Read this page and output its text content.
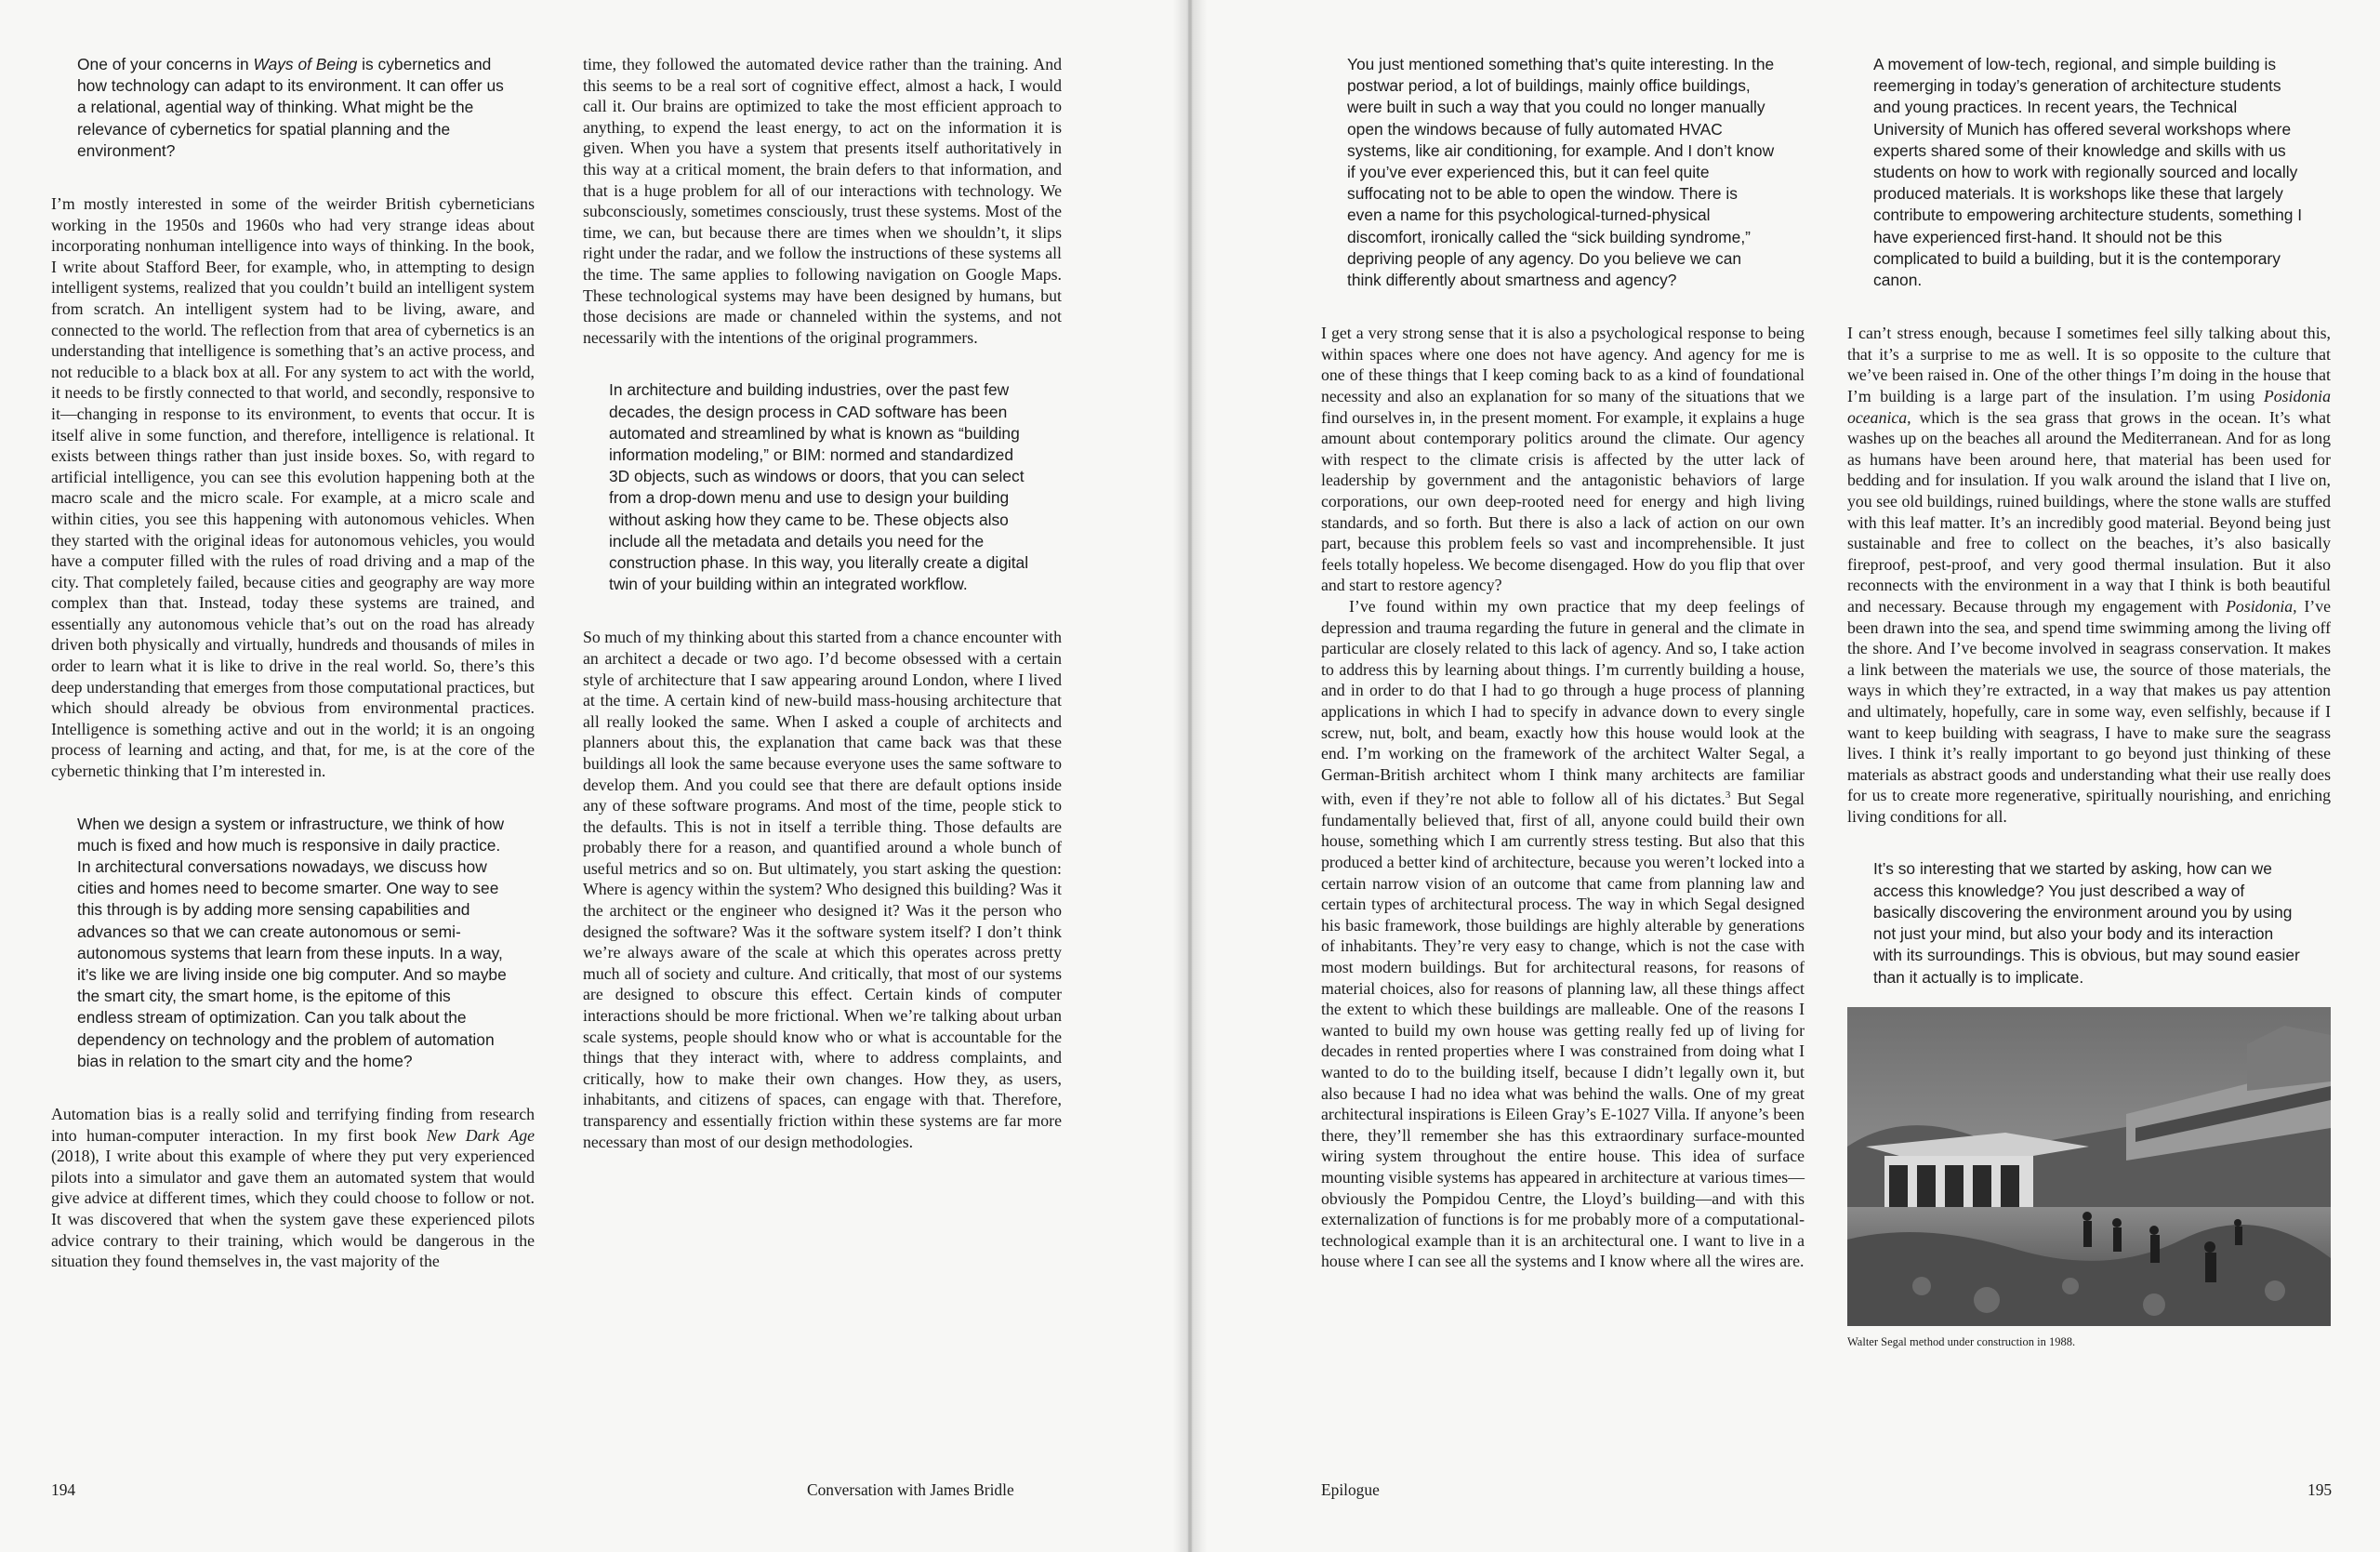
One of your concerns in Ways of Being is cybernetics and how technology can adapt to its environment. It can offer us a relational, agential way of thinking. What might be the relevance of cybernetics for spatial planning and the environment?

I’m mostly interested in some of the weirder British cyberneticians working in the 1950s and 1960s who had very strange ideas about incorporating nonhuman intelligence into ways of thinking. In the book, I write about Stafford Beer, for example, who, in attempting to design intelligent systems, realized that you couldn’t build an intelligent system from scratch. An intelligent system had to be living, aware, and connected to the world. The reflection from that area of cybernetics is an understanding that intelligence is something that’s an active process, and not reducible to a black box at all. For any system to act with the world, it needs to be firstly connected to that world, and secondly, responsive to it—changing in response to its environment, to events that occur. It is itself alive in some function, and therefore, intelligence is relational. It exists between things rather than just inside boxes. So, with regard to artificial intelligence, you can see this evolution happening both at the macro scale and the micro scale. For example, at a micro scale and within cities, you see this happening with autonomous vehicles. When they started with the original ideas for autonomous vehicles, you would have a computer filled with the rules of road driving and a map of the city. That completely failed, because cities and geography are way more complex than that. Instead, today these systems are trained, and essentially any autonomous vehicle that’s out on the road has already driven both physically and virtually, hundreds and thousands of miles in order to learn what it is like to drive in the real world. So, there’s this deep understanding that emerges from those computational practices, but which should already be obvious from environmental practices. Intelligence is something active and out in the world; it is an ongoing process of learning and acting, and that, for me, is at the core of the cybernetic thinking that I’m interested in.

When we design a system or infrastructure, we think of how much is fixed and how much is responsive in daily practice. In architectural conversations nowadays, we discuss how cities and homes need to become smarter. One way to see this through is by adding more sensing capabilities and advances so that we can create autonomous or semi-autonomous systems that learn from these inputs. In a way, it’s like we are living inside one big computer. And so maybe the smart city, the smart home, is the epitome of this endless stream of optimization. Can you talk about the dependency on technology and the problem of automation bias in relation to the smart city and the home?

Automation bias is a really solid and terrifying finding from research into human-computer interaction. In my first book New Dark Age (2018), I write about this example of where they put very experienced pilots into a simulator and gave them an automated system that would give advice at different times, which they could choose to follow or not. It was discovered that when the system gave these experienced pilots advice contrary to their training, which would be dangerous in the situation they found themselves in, the vast majority of the

time, they followed the automated device rather than the training. And this seems to be a real sort of cognitive effect, almost a hack, I would call it. Our brains are optimized to take the most efficient approach to anything, to expend the least energy, to act on the information it is given. When you have a system that presents itself authoritatively in this way at a critical moment, the brain defers to that information, and that is a huge problem for all of our interactions with technology. We subconsciously, sometimes consciously, trust these systems. Most of the time, we can, but because there are times when we shouldn’t, it slips right under the radar, and we follow the instructions of these systems all the time. The same applies to following navigation on Google Maps. These technological systems may have been designed by humans, but those decisions are made or channeled within the systems, and not necessarily with the intentions of the original programmers.

In architecture and building industries, over the past few decades, the design process in CAD software has been automated and streamlined by what is known as “building information modeling,” or BIM: normed and standardized 3D objects, such as windows or doors, that you can select from a drop-down menu and use to design your building without asking how they came to be. These objects also include all the metadata and details you need for the construction phase. In this way, you literally create a digital twin of your building within an integrated workflow.

So much of my thinking about this started from a chance encounter with an architect a decade or two ago. I’d become obsessed with a certain style of architecture that I saw appearing around London, where I lived at the time. A certain kind of new-build mass-housing architecture that all really looked the same. When I asked a couple of architects and planners about this, the explanation that came back was that these buildings all look the same because everyone uses the same software to develop them. And you could see that there are default options inside any of these software programs. And most of the time, people stick to the defaults. This is not in itself a terrible thing. Those defaults are probably there for a reason, and quantified around a whole bunch of useful metrics and so on. But ultimately, you start asking the question: Where is agency within the system? Who designed this building? Was it the architect or the engineer who designed it? Was it the person who designed the software? Was it the software system itself? I don’t think we’re always aware of the scale at which this operates across pretty much all of society and culture. And critically, that most of our systems are designed to obscure this effect. Certain kinds of computer interactions should be more frictional. When we’re talking about urban scale systems, people should know who or what is accountable for the things that they interact with, where to address complaints, and critically, how to make their own changes. How they, as users, inhabitants, and citizens of spaces, can engage with that. Therefore, transparency and essentially friction within these systems are far more necessary than most of our design methodologies.

194	Conversation with James Bridle

You just mentioned something that’s quite interesting. In the postwar period, a lot of buildings, mainly office buildings, were built in such a way that you could no longer manually open the windows because of fully automated HVAC systems, like air conditioning, for example. And I don’t know if you’ve ever experienced this, but it can feel quite suffocating not to be able to open the window. There is even a name for this psychological-turned-physical discomfort, ironically called the “sick building syndrome,” depriving people of any agency. Do you believe we can think differently about smartness and agency?

I get a very strong sense that it is also a psychological response to being within spaces where one does not have agency. And agency for me is one of these things that I keep coming back to as a kind of foundational necessity and also an explanation for so many of the situations that we find ourselves in, in the present moment. For example, it explains a huge amount about contemporary politics around the climate. Our agency with respect to the climate crisis is affected by the utter lack of leadership by government and the antagonistic behaviors of large corporations, our own deep-rooted need for energy and high living standards, and so forth. But there is also a lack of action on our own part, because this problem feels so vast and incomprehensible. It just feels totally hopeless. We become disengaged. How do you flip that over and start to restore agency?

I’ve found within my own practice that my deep feelings of depression and trauma regarding the future in general and the climate in particular are closely related to this lack of agency. And so, I take action to address this by learning about things. I’m currently building a house, and in order to do that I had to go through a huge process of planning applications in which I had to specify in advance down to every single screw, nut, bolt, and beam, exactly how this house would look at the end. I’m working on the framework of the architect Walter Segal, a German-British architect whom I think many architects are familiar with, even if they’re not able to follow all of his dictates.$^3$ But Segal fundamentally believed that, first of all, anyone could build their own house, something which I am currently stress testing. But also that this produced a better kind of architecture, because you weren’t locked into a certain narrow vision of an outcome that came from planning law and certain types of architectural process. The way in which Segal designed his basic framework, those buildings are highly alterable by generations of inhabitants. They’re very easy to change, which is not the case with most modern buildings. But for architectural reasons, for reasons of material choices, also for reasons of planning law, all these things affect the extent to which these buildings are malleable. One of the reasons I wanted to build my own house was getting really fed up of living for decades in rented properties where I was constrained from doing what I wanted to do to the building itself, because I didn’t legally own it, but also because I had no idea what was behind the walls. One of my great architectural inspirations is Eileen Gray’s E-1027 Villa. If anyone’s been there, they’ll remember she has this extraordinary surface-mounted wiring system throughout the entire house. This idea of surface mounting visible systems has appeared in architecture at various times—obviously the Pompidou Centre, the Lloyd’s building—and with this externalization of functions is for me probably more of a computational-technological example than it is an architectural one. I want to live in a house where I can see all the systems and I know where all the wires are.

A movement of low-tech, regional, and simple building is reemerging in today’s generation of architecture students and young practices. In recent years, the Technical University of Munich has offered several workshops where experts shared some of their knowledge and skills with us students on how to work with regionally sourced and locally produced materials. It is workshops like these that largely contribute to empowering architecture students, something I have experienced first-hand. It should not be this complicated to build a building, but it is the contemporary canon.

I can’t stress enough, because I sometimes feel silly talking about this, that it’s a surprise to me as well. It is so opposite to the culture that we’ve been raised in. One of the other things I’m doing in the house that I’m building is a large part of the insulation. I’m using Posidonia oceanica, which is the sea grass that grows in the ocean. It’s what washes up on the beaches all around the Mediterranean. And for as long as humans have been around here, that material has been used for bedding and for insulation. If you walk around the island that I live on, you see old buildings, ruined buildings, where the stone walls are stuffed with this leaf matter. It’s an incredibly good material. Beyond being just sustainable and free to collect on the beaches, it’s also basically fireproof, pest-proof, and very good thermal insulation. But it also reconnects with the environment in a way that I think is both beautiful and necessary. Because through my engagement with Posidonia, I’ve been drawn into the sea, and spend time swimming among the living off the shore. And I’ve become involved in seagrass conservation. It makes a link between the materials we use, the source of those materials, the ways in which they’re extracted, in a way that makes us pay attention and ultimately, hopefully, care in some way, even selfishly, because if I want to keep building with seagrass, I have to make sure the seagrass lives. I think it’s really important to go beyond just thinking of these materials as abstract goods and understanding what their use really does for us to create more regenerative, spiritually nourishing, and enriching living conditions for all.

It’s so interesting that we started by asking, how can we access this knowledge? You just described a way of basically discovering the environment around you by using not just your mind, but also your body and its interaction with its surroundings. This is obvious, but may sound easier than it actually is to implicate.

Walter Segal method under construction in 1988.
Epilogue	195
